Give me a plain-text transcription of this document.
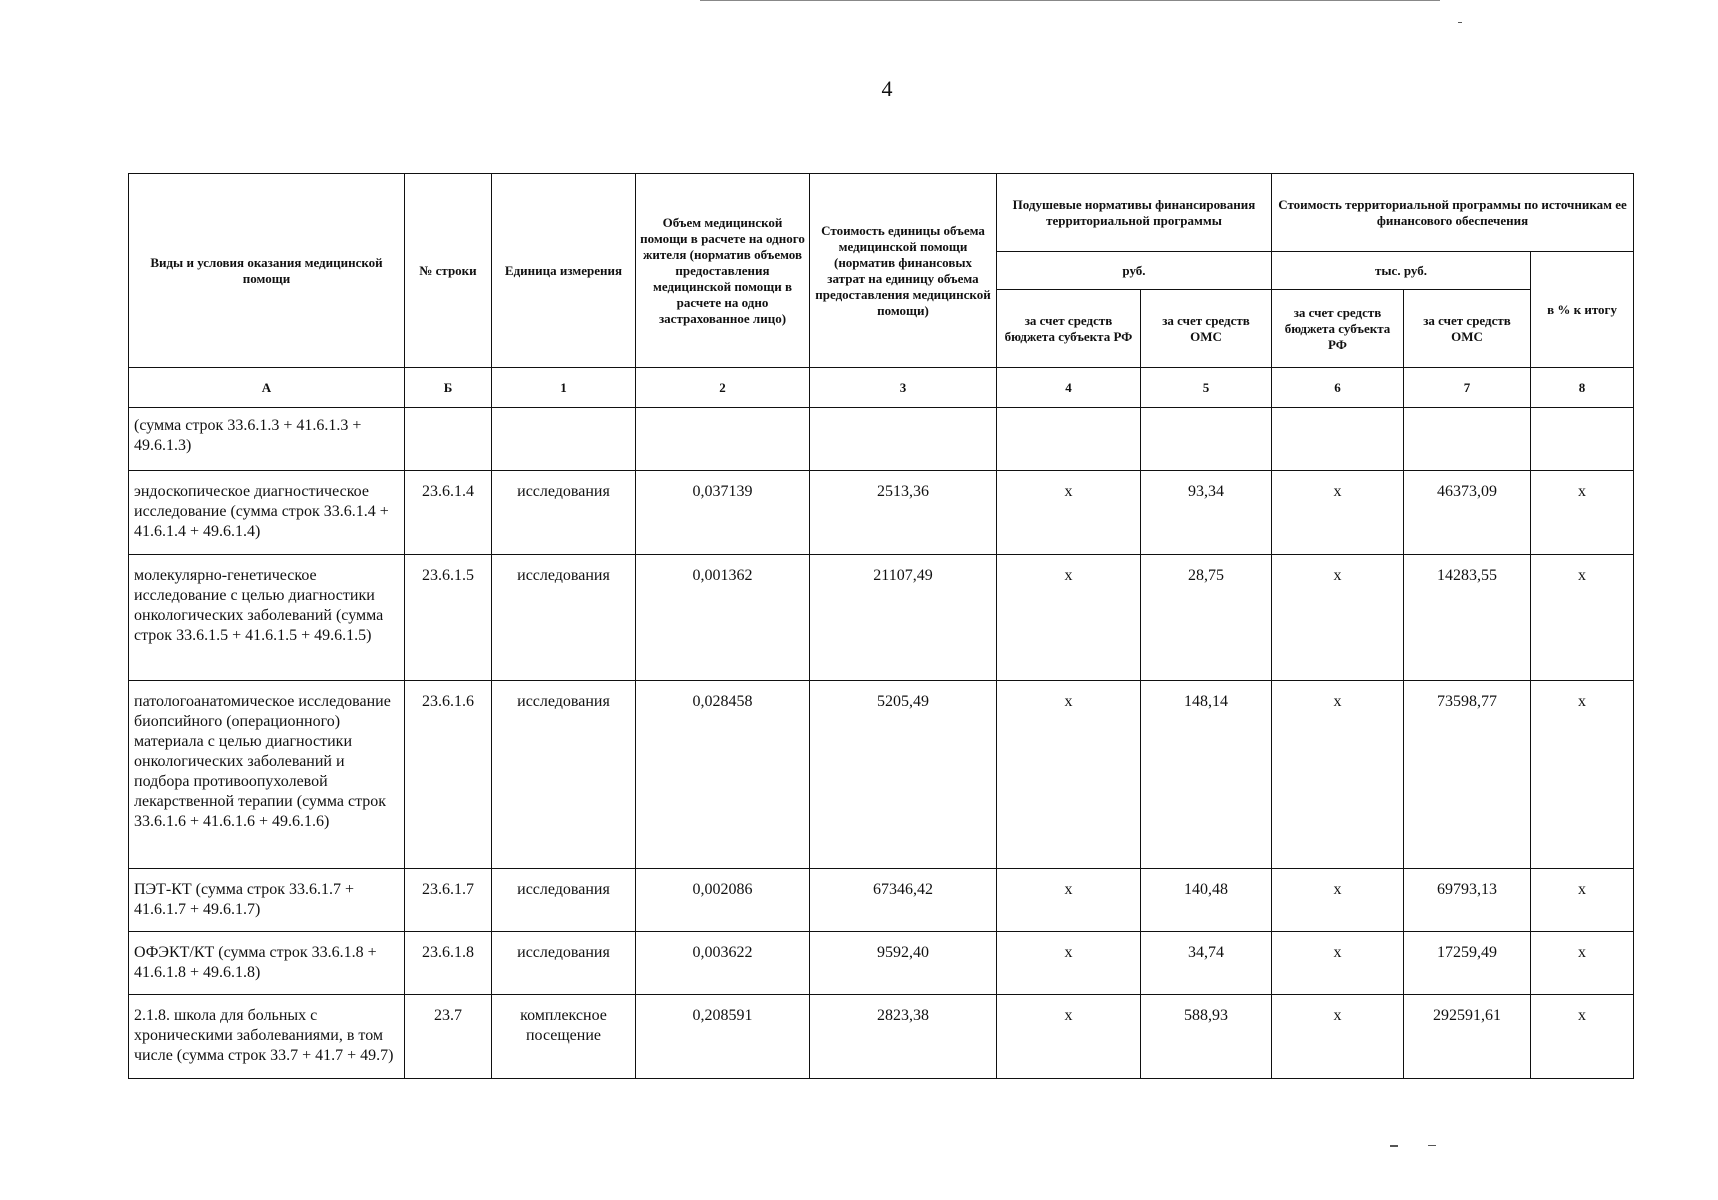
4
Виды и условия оказания медицинской помощи	№ строки	Единица измерения	Объем медицинской помощи в расчете на одного жителя (норматив объемов предоставления медицинской помощи в расчете на одно застрахованное лицо)	Стоимость единицы объема медицинской помощи (норматив финансовых затрат на единицу объема предоставления медицинской помощи)	Подушевые нормативы финансирования территориальной программы		Стоимость территориальной программы по источникам ее финансового обеспечения		
					руб.		тыс. руб.		в % к итогу
					за счет средств бюджета субъекта РФ	за счет средств ОМС	за счет средств бюджета субъекта РФ	за счет средств ОМС	
А	Б	1	2	3	4	5	6	7	8
(сумма строк 33.6.1.3 + 41.6.1.3 + 49.6.1.3)									
эндоскопическое диагностическое исследование (сумма строк 33.6.1.4 + 41.6.1.4 + 49.6.1.4)	23.6.1.4	исследования	0,037139	2513,36	х	93,34	х	46373,09	х
молекулярно-генетическое исследование с целью диагностики онкологических заболеваний (сумма строк 33.6.1.5 + 41.6.1.5 + 49.6.1.5)	23.6.1.5	исследования	0,001362	21107,49	х	28,75	х	14283,55	х
патологоанатомическое исследование биопсийного (операционного) материала с целью диагностики онкологических заболеваний и подбора противоопухолевой лекарственной терапии (сумма строк 33.6.1.6 + 41.6.1.6 + 49.6.1.6)	23.6.1.6	исследования	0,028458	5205,49	х	148,14	х	73598,77	х
ПЭТ-КТ (сумма строк 33.6.1.7 + 41.6.1.7 + 49.6.1.7)	23.6.1.7	исследования	0,002086	67346,42	х	140,48	х	69793,13	х
ОФЭКТ/КТ (сумма строк 33.6.1.8 + 41.6.1.8 + 49.6.1.8)	23.6.1.8	исследования	0,003622	9592,40	х	34,74	х	17259,49	х
2.1.8. школа для больных с хроническими заболеваниями, в том числе (сумма строк 33.7 + 41.7 + 49.7)	23.7	комплексное посещение	0,208591	2823,38	х	588,93	х	292591,61	х
